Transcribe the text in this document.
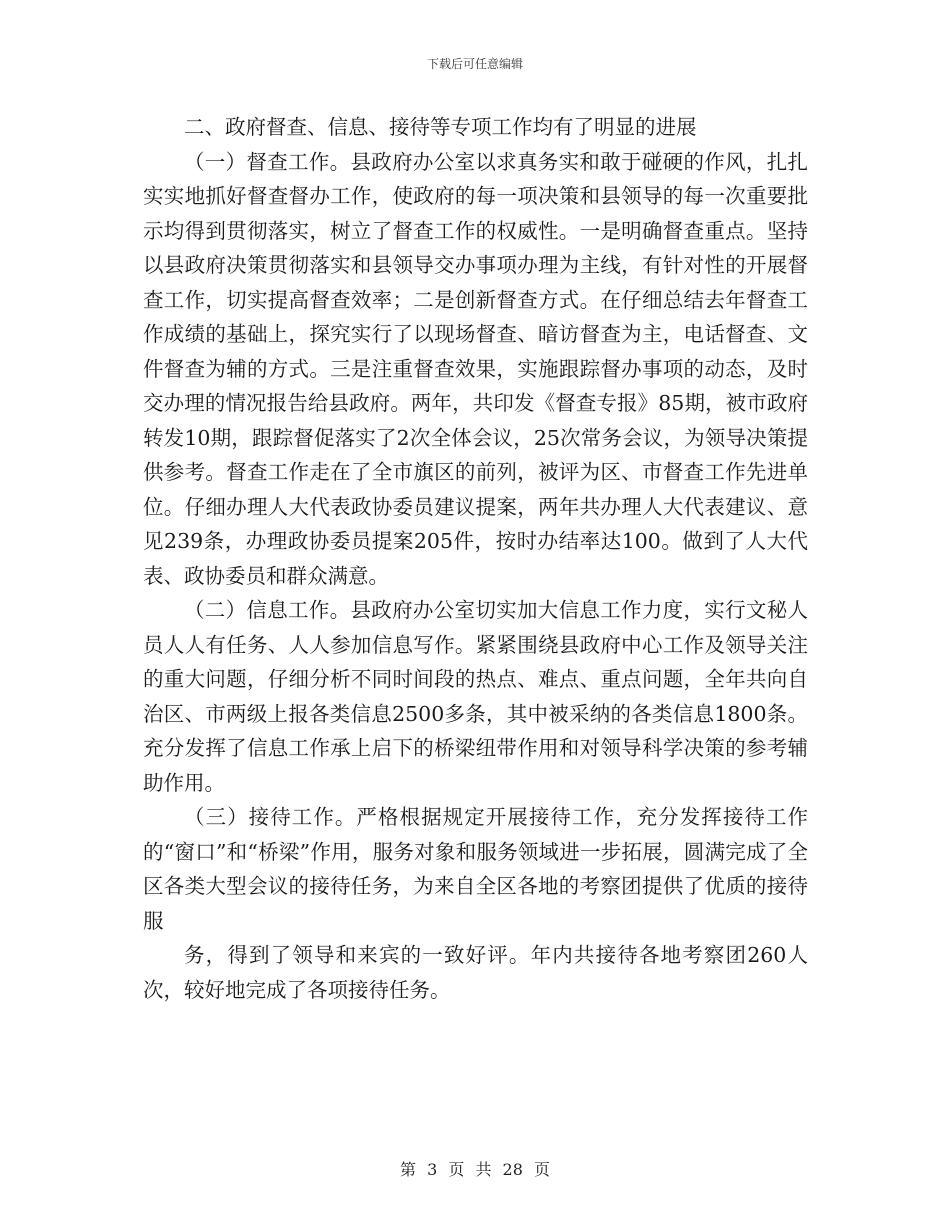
下载后可任意编辑

二、政府督查、信息、接待等专项工作均有了明显的进展

（一）督查工作。县政府办公室以求真务实和敢于碰硬的作风，扎扎实实地抓好督查督办工作，使政府的每一项决策和县领导的每一次重要批示均得到贯彻落实，树立了督查工作的权威性。一是明确督查重点。坚持以县政府决策贯彻落实和县领导交办事项办理为主线，有针对性的开展督查工作，切实提高督查效率；二是创新督查方式。在仔细总结去年督查工作成绩的基础上，探究实行了以现场督查、暗访督查为主，电话督查、文件督查为辅的方式。三是注重督查效果，实施跟踪督办事项的动态，及时交办理的情况报告给县政府。两年，共印发《督查专报》85期，被市政府转发10期，跟踪督促落实了2次全体会议，25次常务会议，为领导决策提供参考。督查工作走在了全市旗区的前列，被评为区、市督查工作先进单位。仔细办理人大代表政协委员建议提案，两年共办理人大代表建议、意见239条，办理政协委员提案205件，按时办结率达100。做到了人大代表、政协委员和群众满意。

（二）信息工作。县政府办公室切实加大信息工作力度，实行文秘人员人人有任务、人人参加信息写作。紧紧围绕县政府中心工作及领导关注的重大问题，仔细分析不同时间段的热点、难点、重点问题，全年共向自治区、市两级上报各类信息2500多条，其中被采纳的各类信息1800条。充分发挥了信息工作承上启下的桥梁纽带作用和对领导科学决策的参考辅助作用。

（三）接待工作。严格根据规定开展接待工作，充分发挥接待工作的“窗口”和“桥梁”作用，服务对象和服务领域进一步拓展，圆满完成了全区各类大型会议的接待任务，为来自全区各地的考察团提供了优质的接待服

务，得到了领导和来宾的一致好评。年内共接待各地考察团260人次，较好地完成了各项接待任务。

第 3 页 共 28 页
